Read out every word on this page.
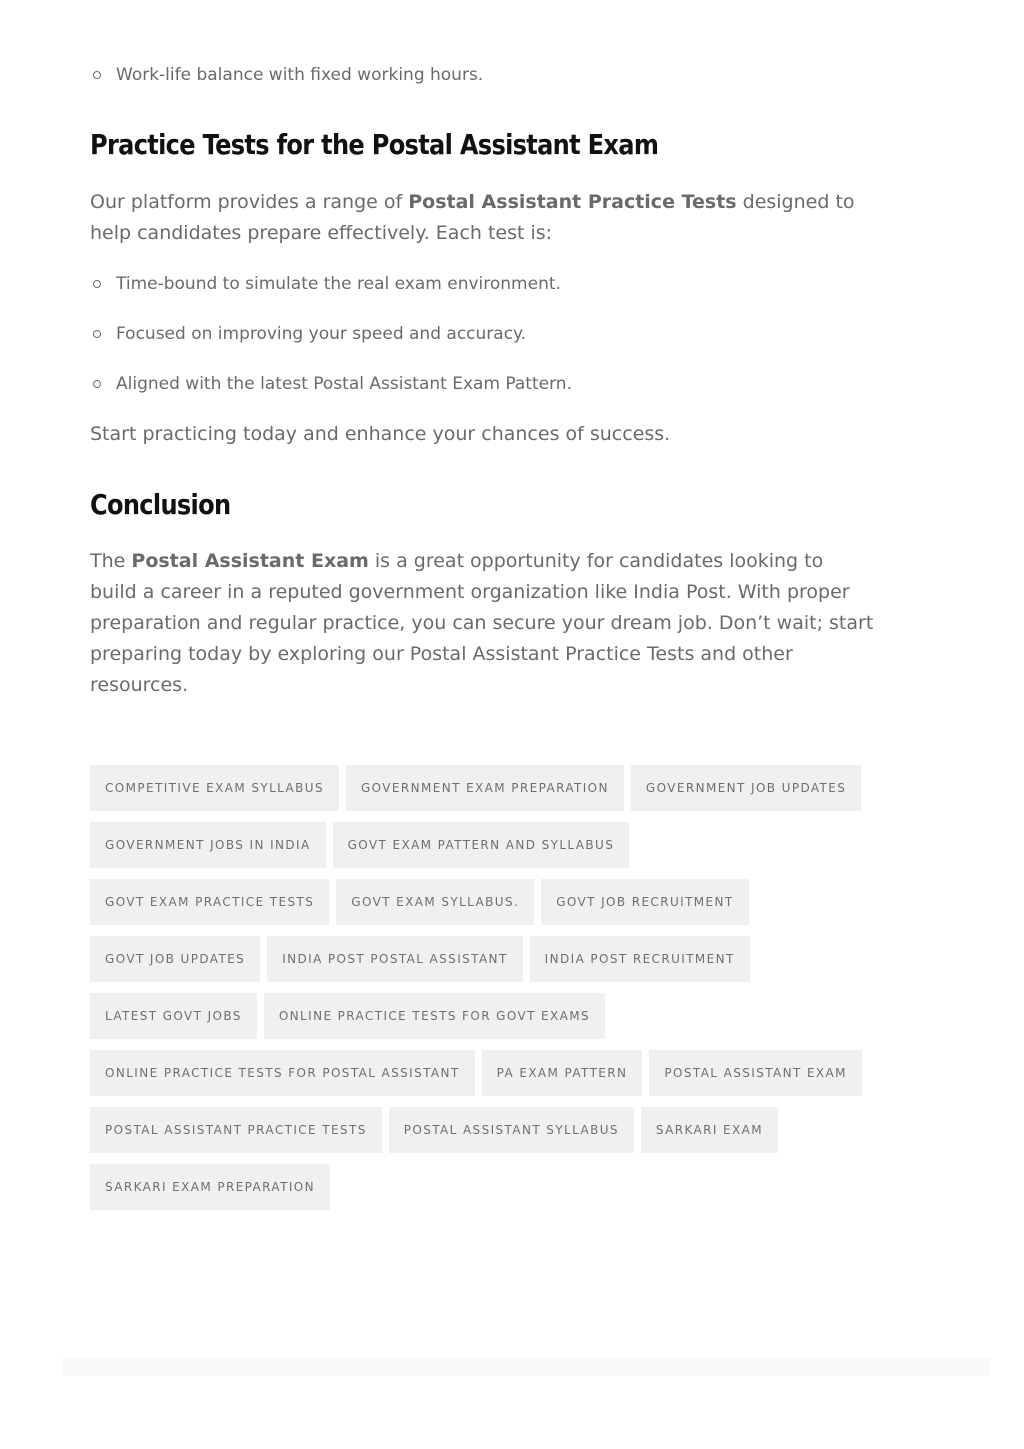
Work-life balance with fixed working hours.
Practice Tests for the Postal Assistant Exam

Our platform provides a range of Postal Assistant Practice Tests designed to help candidates prepare effectively. Each test is:

Time-bound to simulate the real exam environment.
Focused on improving your speed and accuracy.
Aligned with the latest Postal Assistant Exam Pattern.

Start practicing today and enhance your chances of success.

Conclusion

The Postal Assistant Exam is a great opportunity for candidates looking to build a career in a reputed government organization like India Post. With proper preparation and regular practice, you can secure your dream job. Don’t wait; start preparing today by exploring our Postal Assistant Practice Tests and other resources.

COMPETITIVE EXAM SYLLABUS	GOVERNMENT EXAM PREPARATION	GOVERNMENT JOB UPDATES
GOVERNMENT JOBS IN INDIA	GOVT EXAM PATTERN AND SYLLABUS
GOVT EXAM PRACTICE TESTS	GOVT EXAM SYLLABUS.	GOVT JOB RECRUITMENT
GOVT JOB UPDATES	INDIA POST POSTAL ASSISTANT	INDIA POST RECRUITMENT
LATEST GOVT JOBS	ONLINE PRACTICE TESTS FOR GOVT EXAMS
ONLINE PRACTICE TESTS FOR POSTAL ASSISTANT	PA EXAM PATTERN	POSTAL ASSISTANT EXAM
POSTAL ASSISTANT PRACTICE TESTS	POSTAL ASSISTANT SYLLABUS	SARKARI EXAM
SARKARI EXAM PREPARATION
